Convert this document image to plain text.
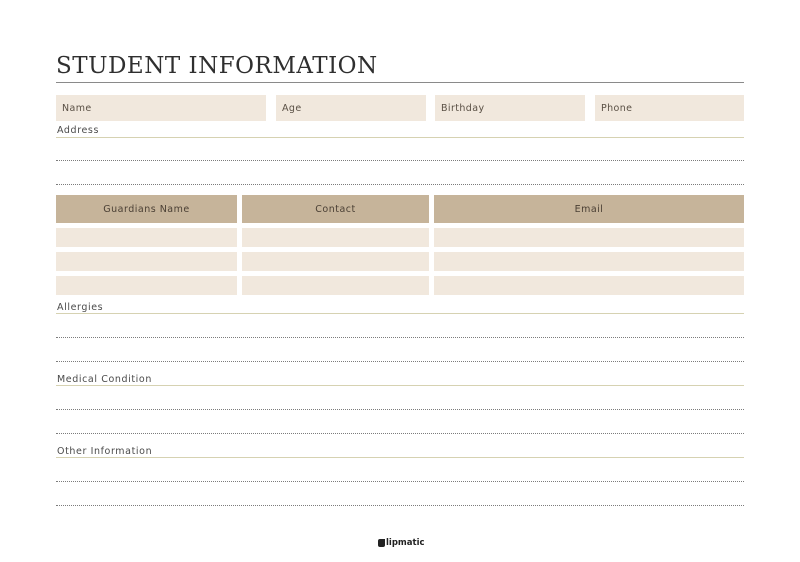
STUDENT INFORMATION
Name	Age	Birthday	Phone
Address
Guardians Name	Contact	Email
Allergies
Medical Condition
Other Information
lipmatic
